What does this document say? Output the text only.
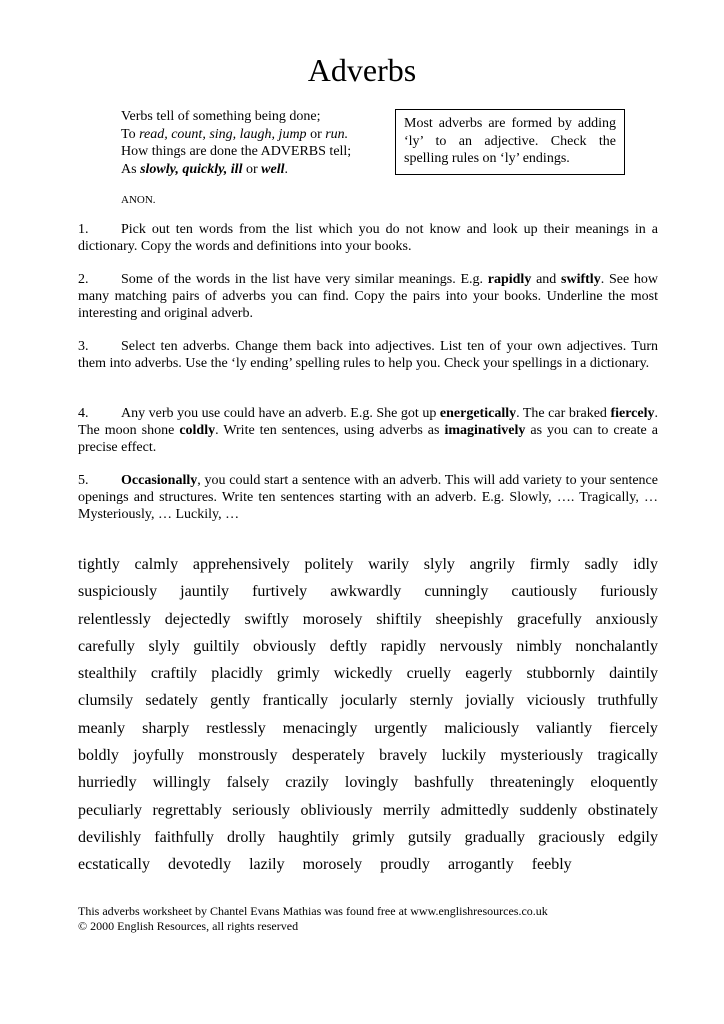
Adverbs
Verbs tell of something being done;
To read, count, sing, laugh, jump or run.
How things are done the ADVERBS tell;
As slowly, quickly, ill or well.
ANON.
Most adverbs are formed by adding ‘ly’ to an adjective. Check the spelling rules on ‘ly’ endings.

1. Pick out ten words from the list which you do not know and look up their meanings in a dictionary. Copy the words and definitions into your books.

2. Some of the words in the list have very similar meanings. E.g. rapidly and swiftly. See how many matching pairs of adverbs you can find. Copy the pairs into your books. Underline the most interesting and original adverb.

3. Select ten adverbs. Change them back into adjectives. List ten of your own adjectives. Turn them into adverbs. Use the ‘ly ending’ spelling rules to help you. Check your spellings in a dictionary.

4. Any verb you use could have an adverb. E.g. She got up energetically. The car braked fiercely. The moon shone coldly. Write ten sentences, using adverbs as imaginatively as you can to create a precise effect.

5. Occasionally, you could start a sentence with an adverb. This will add variety to your sentence openings and structures. Write ten sentences starting with an adverb. E.g. Slowly, …. Tragically, … Mysteriously, … Luckily, …

tightly calmly apprehensively politely warily slyly angrily firmly sadly idly
suspiciously jauntily furtively awkwardly cunningly cautiously furiously
relentlessly dejectedly swiftly morosely shiftily sheepishly gracefully anxiously
carefully slyly guiltily obviously deftly rapidly nervously nimbly nonchalantly
stealthily craftily placidly grimly wickedly cruelly eagerly stubbornly daintily
clumsily sedately gently frantically jocularly sternly jovially viciously truthfully
meanly sharply restlessly menacingly urgently maliciously valiantly fiercely
boldly joyfully monstrously desperately bravely luckily mysteriously tragically
hurriedly willingly falsely crazily lovingly bashfully threateningly eloquently
peculiarly regrettably seriously obliviously merrily admittedly suddenly obstinately
devilishly faithfully drolly haughtily grimly gutsily gradually graciously edgily
ecstatically devotedly lazily morosely proudly arrogantly feebly
This adverbs worksheet by Chantel Evans Mathias was found free at www.englishresources.co.uk
© 2000 English Resources, all rights reserved
